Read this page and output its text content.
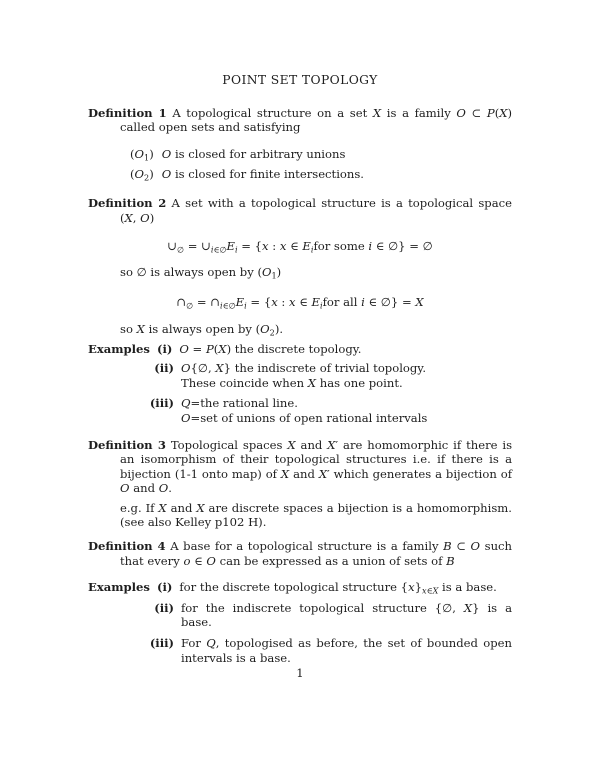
POINT SET TOPOLOGY

Definition 1 A topological structure on a set X is a family O ⊂ P(X) called open sets and satisfying

$(O_1)$ O is closed for arbitrary unions
$(O_2)$ O is closed for finite intersections.

Definition 2 A set with a topological structure is a topological space (X, O)

$\cup_\emptyset$ = $\cup_{i\in\emptyset}E_i = \{x$ : x ∈ $E_ifor$ some i ∈ ∅} = ∅

so ∅ is always open by $(O_1)$

$\cap_\emptyset$ = $\cap_{i\in\emptyset}E_i = \{x$ : x ∈ $E_ifor$ all i ∈ ∅} = X

so X is always open by $(O_2)$.

Examples (i) O = P(X) the discrete topology.
(ii) O{∅, X} the indiscrete of trivial topology.
These coincide when X has one point.
(iii) Q=the rational line.
O=set of unions of open rational intervals

Definition 3 Topological spaces X and X′ are homomorphic if there is an isomorphism of their topological structures i.e. if there is a bijection (1-1 onto map) of X and X′ which generates a bijection of O and O.

e.g. If X and X are discrete spaces a bijection is a homomorphism. (see also Kelley p102 H).

Definition 4 A base for a topological structure is a family B ⊂ O such that every o ∈ O can be expressed as a union of sets of B

Examples (i) for the discrete topological structure $\{x\}_{x\in X}$ is a base.
(ii) for the indiscrete topological structure {∅, X} is a base.
(iii) For Q, topologised as before, the set of bounded open intervals is a base.
1
